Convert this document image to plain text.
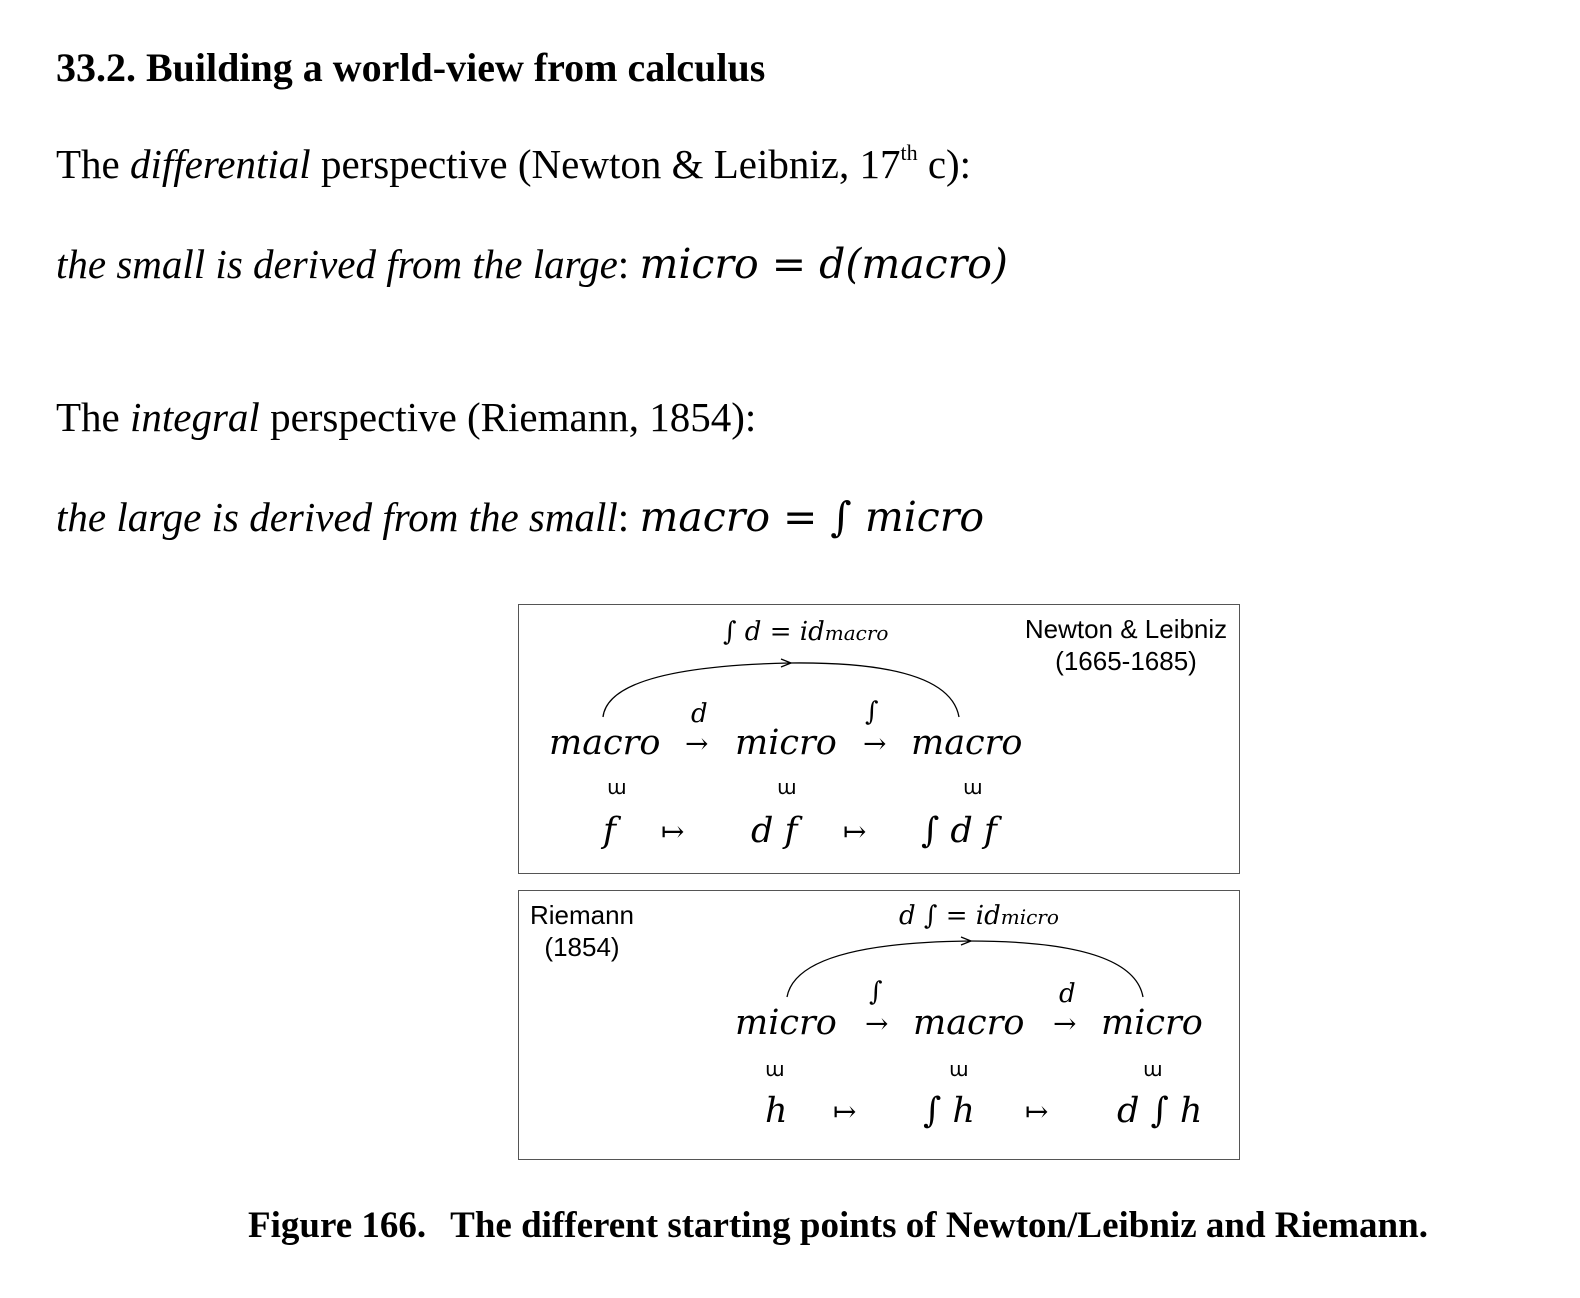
33.2. Building a world-view from calculus
The differential perspective (Newton & Leibniz, 17th c):
the small is derived from the large: micro = d(macro)
The integral perspective (Riemann, 1854):
the large is derived from the small: macro = ∫ micro
Newton & Leibniz
(1665-1685)
∫ d = idmacro
d	∫
macro → micro → macro
ɯ	ɯ	ɯ
f ↦ d f ↦ ∫ d f
Riemann
(1854)
d ∫ = idmicro
∫	d
micro → macro → micro
ɯ	ɯ	ɯ
h ↦ ∫ h ↦ d ∫ h
Figure 166. The different starting points of Newton/Leibniz and Riemann.
